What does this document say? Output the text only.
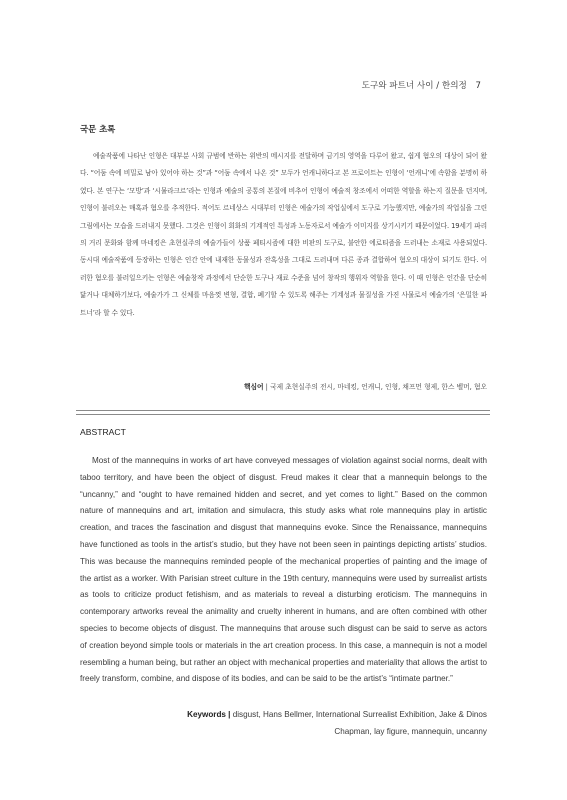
도구와 파트너 사이 / 한의정 7
국문 초록

예술작품에 나타난 인형은 대부분 사회 규범에 반하는 위반의 메시지를 전달하며 금기의 영역을 다루어 왔고, 쉽게 혐오의 대상이 되어 왔다. “어둠 속에 비밀로 남아 있어야 하는 것”과 “어둠 속에서 나온 것” 모두가 언캐니하다고 본 프로이트는 인형이 ‘언캐니’에 속함을 분명히 하였다. 본 연구는 ‘모방’과 ‘시뮬라크르’라는 인형과 예술의 공통의 본질에 비추어 인형이 예술적 창조에서 어떠한 역할을 하는지 질문을 던지며, 인형이 불러오는 매혹과 혐오를 추적한다. 적어도 르네상스 시대부터 인형은 예술가의 작업실에서 도구로 기능했지만, 예술가의 작업실을 그린 그림에서는 모습을 드러내지 못했다. 그것은 인형이 회화의 기계적인 특성과 노동자로서 예술가 이미지를 상기시키기 때문이었다. 19세기 파리의 거리 문화와 함께 마네킹은 초현실주의 예술가들이 상품 페티시즘에 대한 비판의 도구로, 불안한 에로티즘을 드러내는 소재로 사용되었다. 동시대 예술작품에 등장하는 인형은 인간 안에 내재한 동물성과 잔혹성을 그대로 드러내며 다른 종과 결합하여 혐오의 대상이 되기도 한다. 이러한 혐오를 불러일으키는 인형은 예술창작 과정에서 단순한 도구나 재료 수준을 넘어 창작의 행위자 역할을 한다. 이 때 인형은 인간을 단순히 닮거나 대체하기보다, 예술가가 그 신체를 마음껏 변형, 결합, 폐기할 수 있도록 해주는 기계성과 물질성을 가진 사물로서 예술가의 ‘은밀한 파트너’라 할 수 있다.

핵심어 | 국제 초현실주의 전시, 마네킹, 언캐니, 인형, 채프먼 형제, 한스 벨머, 혐오
ABSTRACT

Most of the mannequins in works of art have conveyed messages of violation against social norms, dealt with taboo territory, and have been the object of disgust. Freud makes it clear that a mannequin belongs to the “uncanny,” and “ought to have remained hidden and secret, and yet comes to light.” Based on the common nature of mannequins and art, imitation and simulacra, this study asks what role mannequins play in artistic creation, and traces the fascination and disgust that mannequins evoke. Since the Renaissance, mannequins have functioned as tools in the artist’s studio, but they have not been seen in paintings depicting artists’ studios. This was because the mannequins reminded people of the mechanical properties of painting and the image of the artist as a worker. With Parisian street culture in the 19th century, mannequins were used by surrealist artists as tools to criticize product fetishism, and as materials to reveal a disturbing eroticism. The mannequins in contemporary artworks reveal the animality and cruelty inherent in humans, and are often combined with other species to become objects of disgust. The mannequins that arouse such disgust can be said to serve as actors of creation beyond simple tools or materials in the art creation process. In this case, a mannequin is not a model resembling a human being, but rather an object with mechanical properties and materiality that allows the artist to freely transform, combine, and dispose of its bodies, and can be said to be the artist’s “intimate partner.”

Keywords | disgust, Hans Bellmer, International Surrealist Exhibition, Jake & Dinos Chapman, lay figure, mannequin, uncanny
